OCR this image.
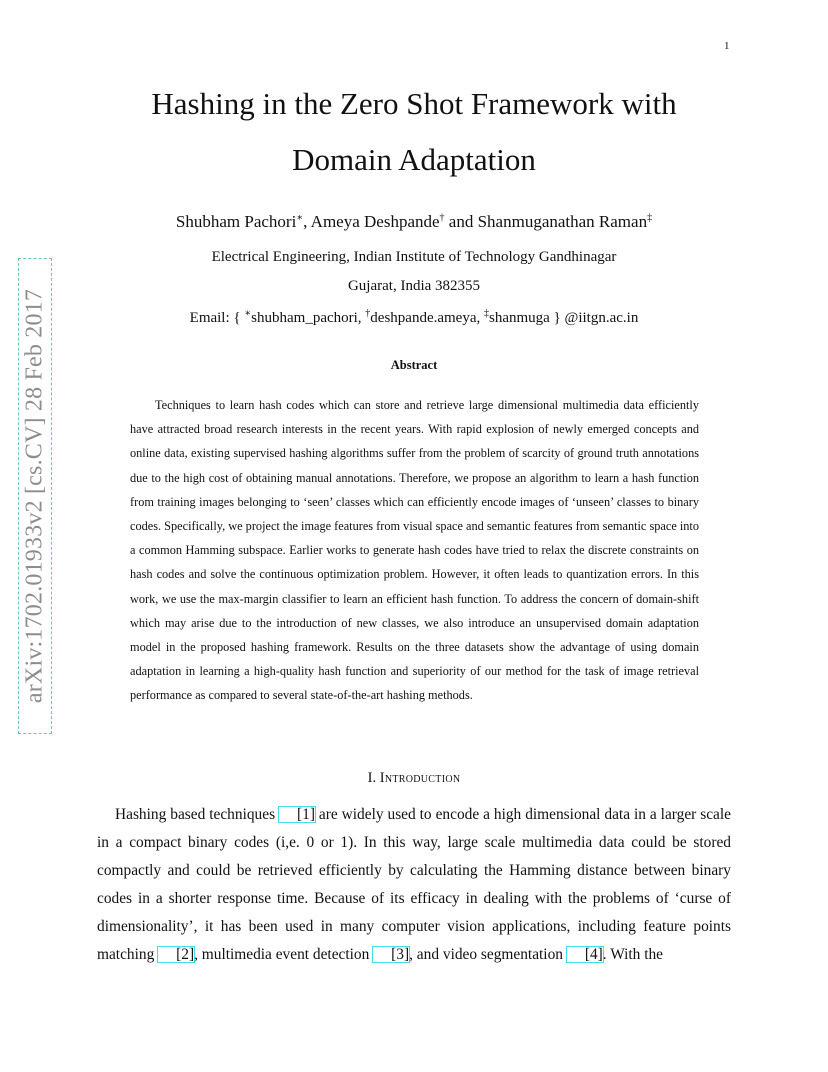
1
arXiv:1702.01933v2 [cs.CV] 28 Feb 2017
Hashing in the Zero Shot Framework with
Domain Adaptation
Shubham Pachori∗, Ameya Deshpande† and Shanmuganathan Raman‡
Electrical Engineering, Indian Institute of Technology Gandhinagar
Gujarat, India 382355
Email: { ∗shubham_pachori, †deshpande.ameya, ‡shanmuga } @iitgn.ac.in
Abstract

Techniques to learn hash codes which can store and retrieve large dimensional multimedia data efficiently have attracted broad research interests in the recent years. With rapid explosion of newly emerged concepts and online data, existing supervised hashing algorithms suffer from the problem of scarcity of ground truth annotations due to the high cost of obtaining manual annotations. Therefore, we propose an algorithm to learn a hash function from training images belonging to ‘seen’ classes which can efficiently encode images of ‘unseen’ classes to binary codes. Specifically, we project the image features from visual space and semantic features from semantic space into a common Hamming subspace. Earlier works to generate hash codes have tried to relax the discrete constraints on hash codes and solve the continuous optimization problem. However, it often leads to quantization errors. In this work, we use the max-margin classifier to learn an efficient hash function. To address the concern of domain-shift which may arise due to the introduction of new classes, we also introduce an unsupervised domain adaptation model in the proposed hashing framework. Results on the three datasets show the advantage of using domain adaptation in learning a high-quality hash function and superiority of our method for the task of image retrieval performance as compared to several state-of-the-art hashing methods.

I. Introduction

Hashing based techniques [1] are widely used to encode a high dimensional data in a larger scale in a compact binary codes (i,e. 0 or 1). In this way, large scale multimedia data could be stored compactly and could be retrieved efficiently by calculating the Hamming distance between binary codes in a shorter response time. Because of its efficacy in dealing with the problems of ‘curse of dimensionality’, it has been used in many computer vision applications, including feature points matching [2], multimedia event detection [3], and video segmentation [4]. With the
